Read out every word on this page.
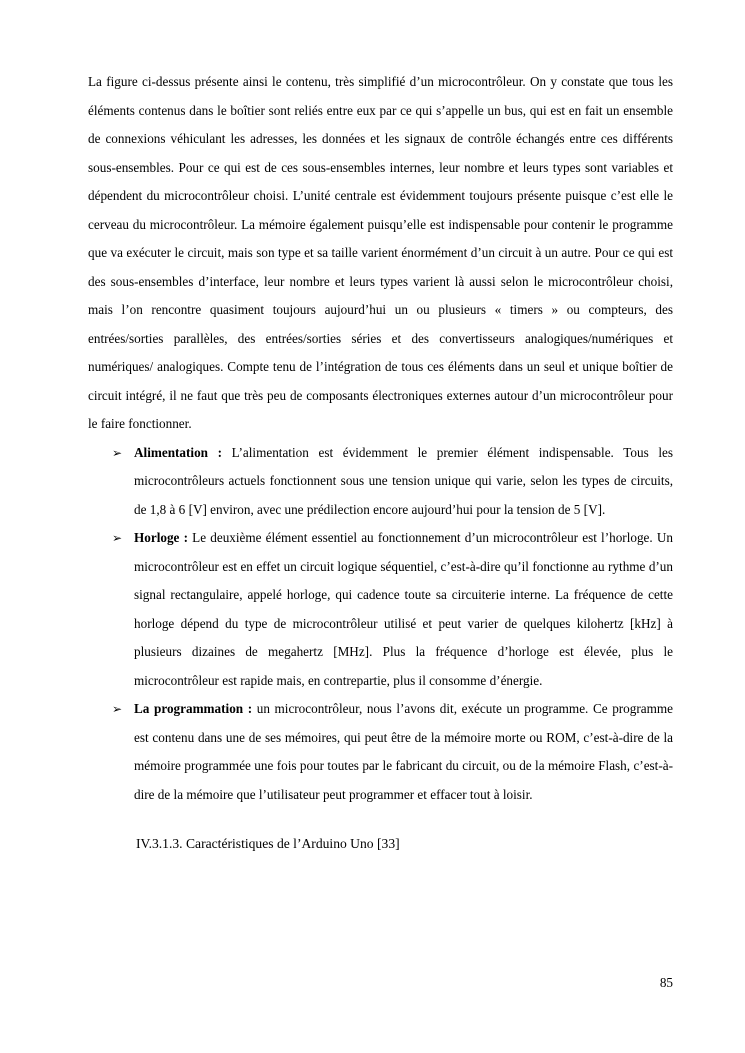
La figure ci-dessus présente ainsi le contenu, très simplifié d’un microcontrôleur. On y constate que tous les éléments contenus dans le boîtier sont reliés entre eux par ce qui s’appelle un bus, qui est en fait un ensemble de connexions véhiculant les adresses, les données et les signaux de contrôle échangés entre ces différents sous-ensembles. Pour ce qui est de ces sous-ensembles internes, leur nombre et leurs types sont variables et dépendent du microcontrôleur choisi. L’unité centrale est évidemment toujours présente puisque c’est elle le cerveau du microcontrôleur. La mémoire également puisqu’elle est indispensable pour contenir le programme que va exécuter le circuit, mais son type et sa taille varient énormément d’un circuit à un autre. Pour ce qui est des sous-ensembles d’interface, leur nombre et leurs types varient là aussi selon le microcontrôleur choisi, mais l’on rencontre quasiment toujours aujourd’hui un ou plusieurs « timers » ou compteurs, des entrées/sorties parallèles, des entrées/sorties séries et des convertisseurs analogiques/numériques et numériques/ analogiques. Compte tenu de l’intégration de tous ces éléments dans un seul et unique boîtier de circuit intégré, il ne faut que très peu de composants électroniques externes autour d’un microcontrôleur pour le faire fonctionner.

➢ Alimentation : L’alimentation est évidemment le premier élément indispensable. Tous les microcontrôleurs actuels fonctionnent sous une tension unique qui varie, selon les types de circuits, de 1,8 à 6 [V] environ, avec une prédilection encore aujourd’hui pour la tension de 5 [V].
➢ Horloge : Le deuxième élément essentiel au fonctionnement d’un microcontrôleur est l’horloge. Un microcontrôleur est en effet un circuit logique séquentiel, c’est-à-dire qu’il fonctionne au rythme d’un signal rectangulaire, appelé horloge, qui cadence toute sa circuiterie interne. La fréquence de cette horloge dépend du type de microcontrôleur utilisé et peut varier de quelques kilohertz [kHz] à plusieurs dizaines de megahertz [MHz]. Plus la fréquence d’horloge est élevée, plus le microcontrôleur est rapide mais, en contrepartie, plus il consomme d’énergie.
➢ La programmation : un microcontrôleur, nous l’avons dit, exécute un programme. Ce programme est contenu dans une de ses mémoires, qui peut être de la mémoire morte ou ROM, c’est-à-dire de la mémoire programmée une fois pour toutes par le fabricant du circuit, ou de la mémoire Flash, c’est-à-dire de la mémoire que l’utilisateur peut programmer et effacer tout à loisir.
IV.3.1.3. Caractéristiques de l’Arduino Uno [33]
85
